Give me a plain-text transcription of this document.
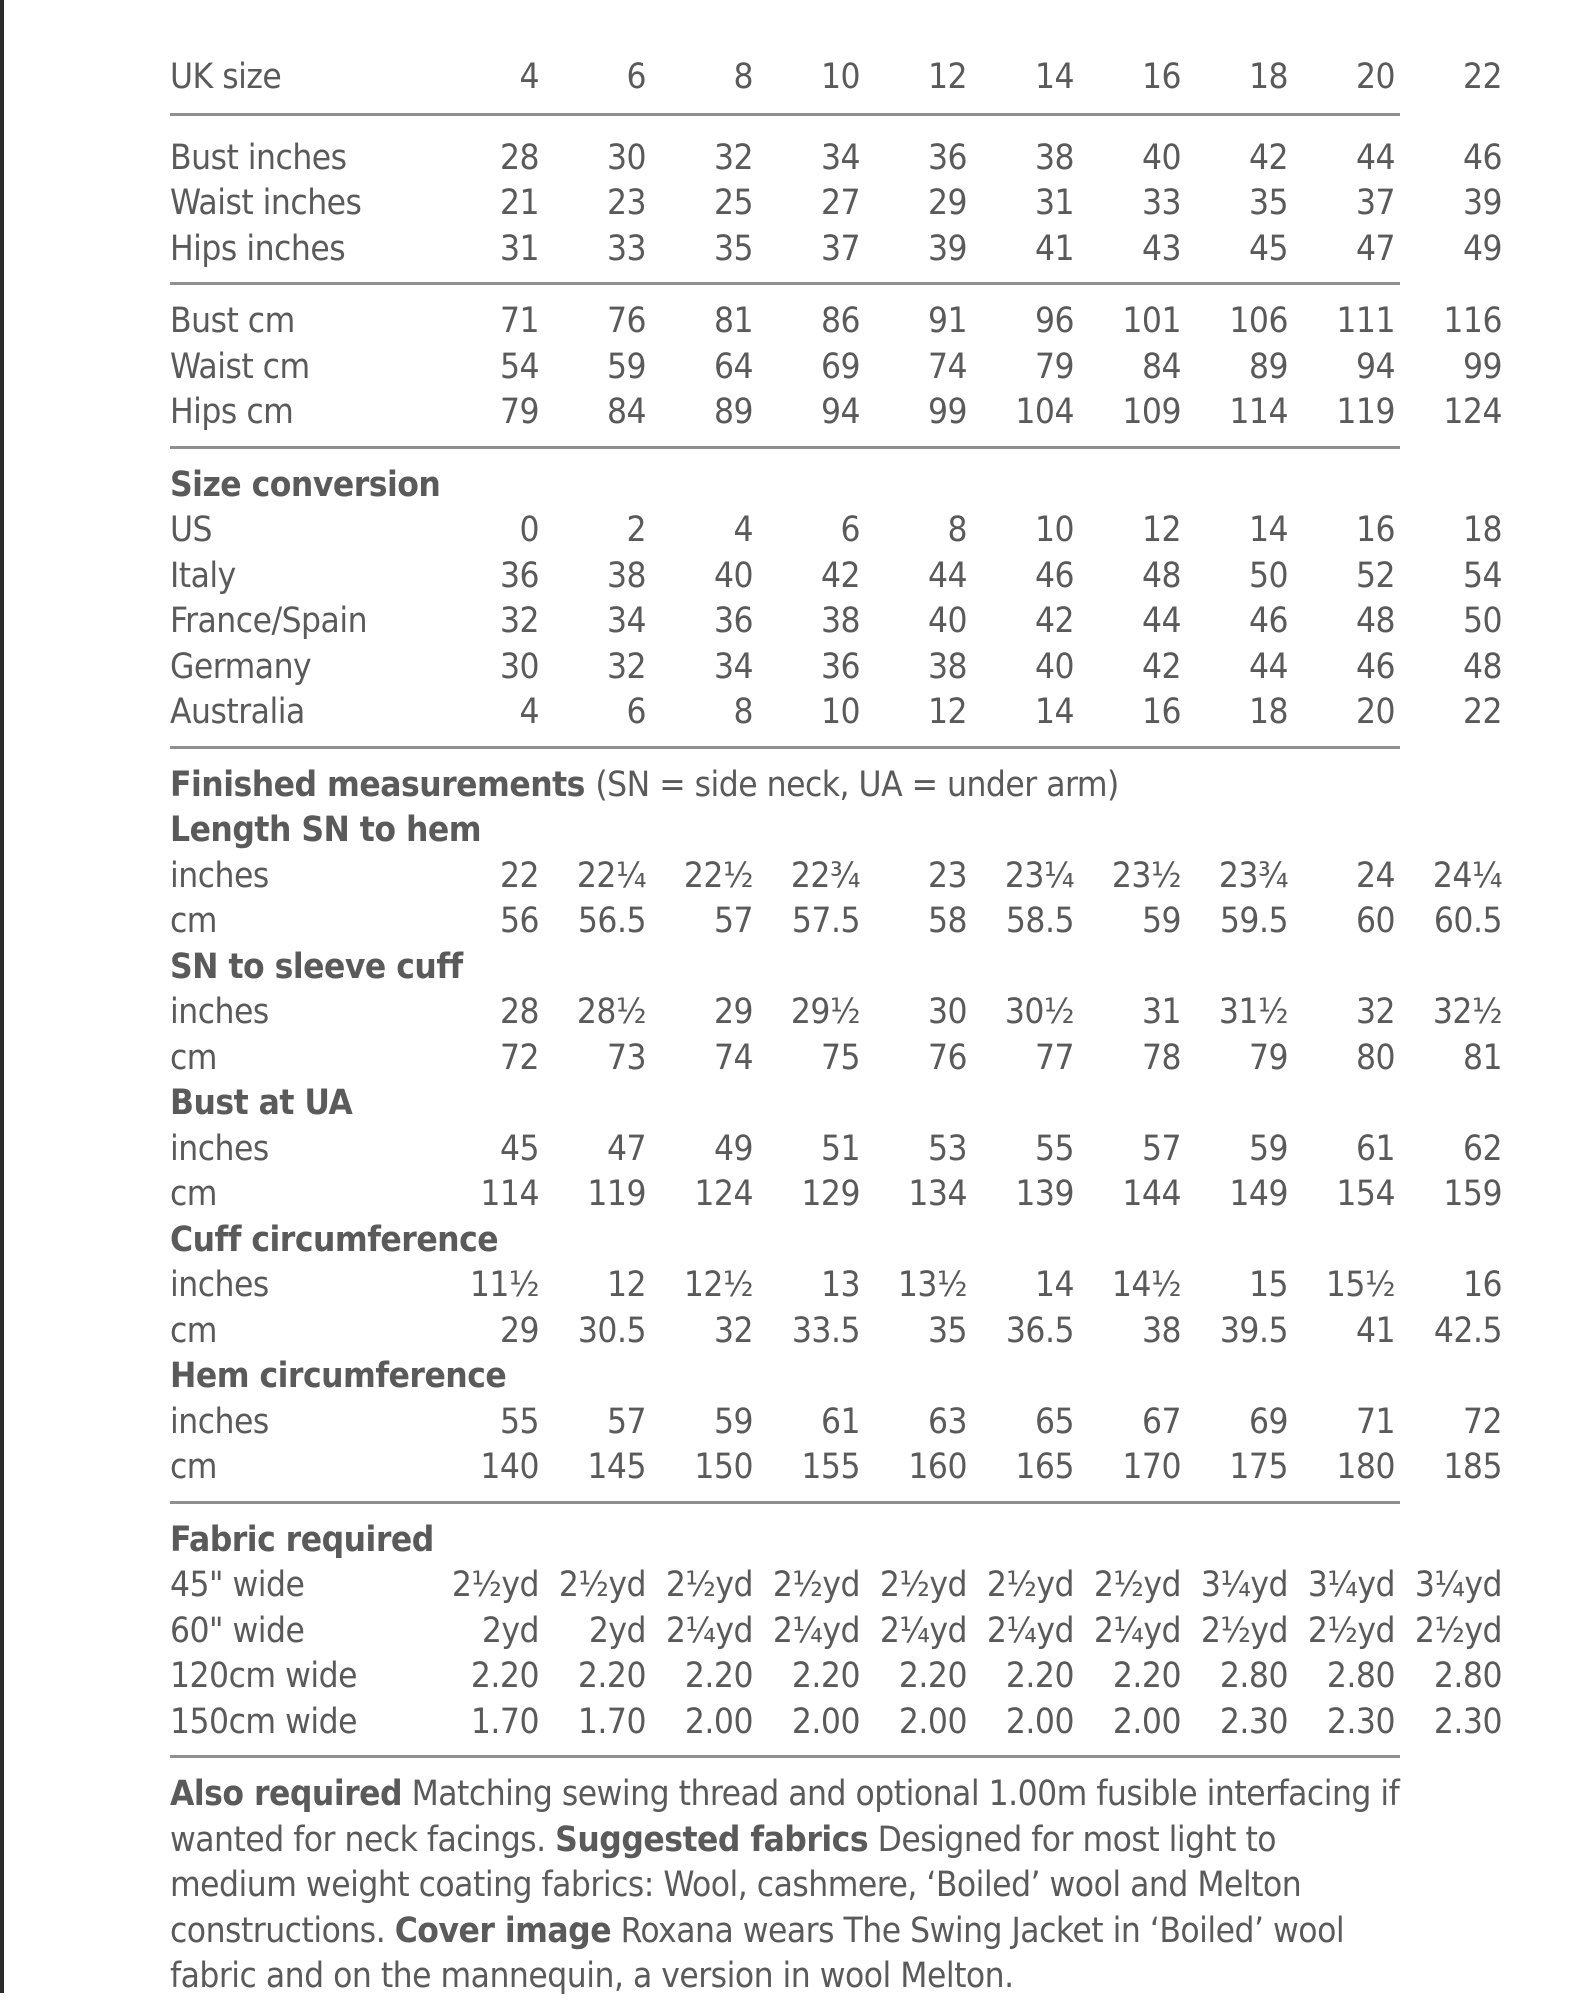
UK size	4	6	8	10	12	14	16	18	20	22
Bust inches	28	30	32	34	36	38	40	42	44	46
Waist inches	21	23	25	27	29	31	33	35	37	39
Hips inches	31	33	35	37	39	41	43	45	47	49
Bust cm	71	76	81	86	91	96	101	106	111	116
Waist cm	54	59	64	69	74	79	84	89	94	99
Hips cm	79	84	89	94	99	104	109	114	119	124
Size conversion
US	0	2	4	6	8	10	12	14	16	18
Italy	36	38	40	42	44	46	48	50	52	54
France/Spain	32	34	36	38	40	42	44	46	48	50
Germany	30	32	34	36	38	40	42	44	46	48
Australia	4	6	8	10	12	14	16	18	20	22
Finished measurements (SN = side neck, UA = under arm)
Length SN to hem
inches	22	22¼	22½	22¾	23	23¼	23½	23¾	24	24¼
cm	56	56.5	57	57.5	58	58.5	59	59.5	60	60.5
SN to sleeve cuff
inches	28	28½	29	29½	30	30½	31	31½	32	32½
cm	72	73	74	75	76	77	78	79	80	81
Bust at UA
inches	45	47	49	51	53	55	57	59	61	62
cm	114	119	124	129	134	139	144	149	154	159
Cuff circumference
inches	11½	12	12½	13	13½	14	14½	15	15½	16
cm	29	30.5	32	33.5	35	36.5	38	39.5	41	42.5
Hem circumference
inches	55	57	59	61	63	65	67	69	71	72
cm	140	145	150	155	160	165	170	175	180	185
Fabric required
45" wide	2½yd 2½yd 2½yd 2½yd 2½yd 2½yd 2½yd 3¼yd 3¼yd 3¼yd
60" wide	2yd	2yd 2¼yd 2¼yd 2¼yd 2¼yd 2¼yd 2½yd 2½yd 2½yd
120cm wide	2.20	2.20	2.20	2.20	2.20	2.20	2.20	2.80	2.80	2.80
150cm wide	1.70	1.70	2.00	2.00	2.00	2.00	2.00	2.30	2.30	2.30
Also required Matching sewing thread and optional 1.00m fusible interfacing if wanted for neck facings. Suggested fabrics Designed for most light to medium weight coating fabrics: Wool, cashmere, ‘Boiled’ wool and Melton constructions. Cover image Roxana wears The Swing Jacket in ‘Boiled’ wool fabric and on the mannequin, a version in wool Melton.
